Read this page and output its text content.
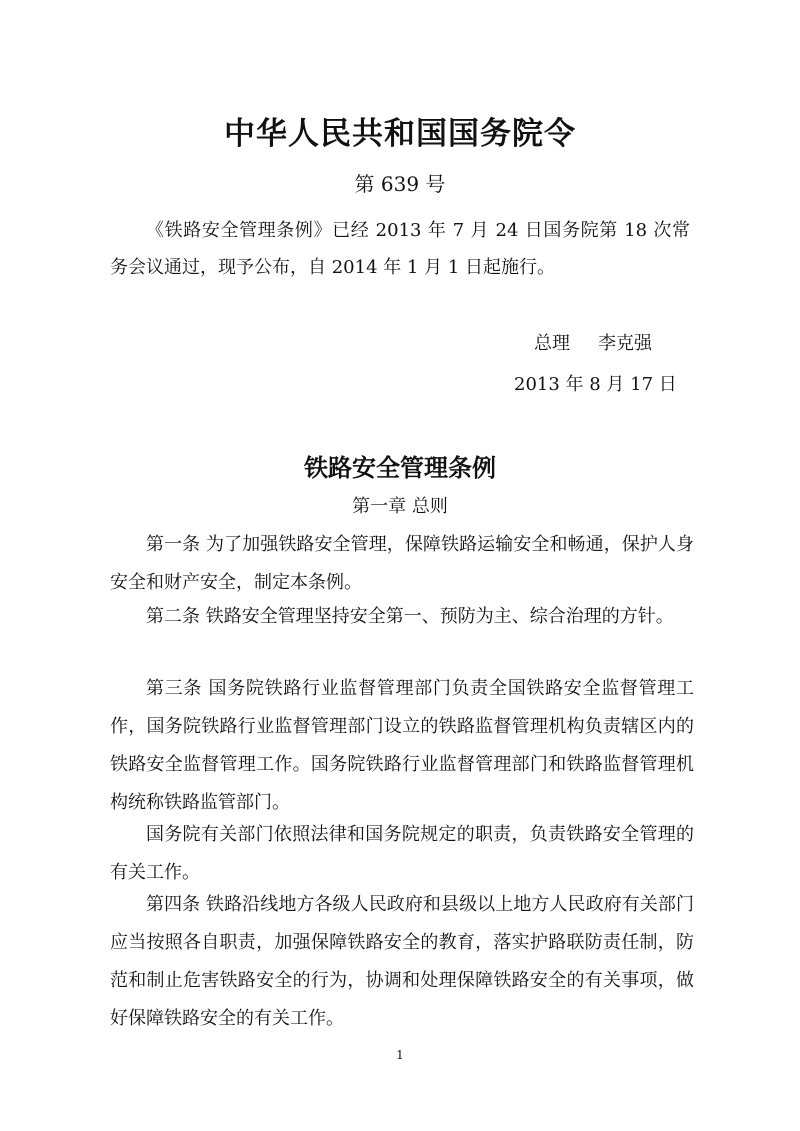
中华人民共和国国务院令
第 639 号

《铁路安全管理条例》已经 2013 年 7 月 24 日国务院第 18 次常务会议通过，现予公布，自 2014 年 1 月 1 日起施行。

总理 李克强
2013 年 8 月 17 日
铁路安全管理条例
第一章 总则

第一条 为了加强铁路安全管理，保障铁路运输安全和畅通，保护人身安全和财产安全，制定本条例。

第二条 铁路安全管理坚持安全第一、预防为主、综合治理的方针。

第三条 国务院铁路行业监督管理部门负责全国铁路安全监督管理工作，国务院铁路行业监督管理部门设立的铁路监督管理机构负责辖区内的铁路安全监督管理工作。国务院铁路行业监督管理部门和铁路监督管理机构统称铁路监管部门。

国务院有关部门依照法律和国务院规定的职责，负责铁路安全管理的有关工作。

第四条 铁路沿线地方各级人民政府和县级以上地方人民政府有关部门应当按照各自职责，加强保障铁路安全的教育，落实护路联防责任制，防范和制止危害铁路安全的行为，协调和处理保障铁路安全的有关事项，做好保障铁路安全的有关工作。

1
